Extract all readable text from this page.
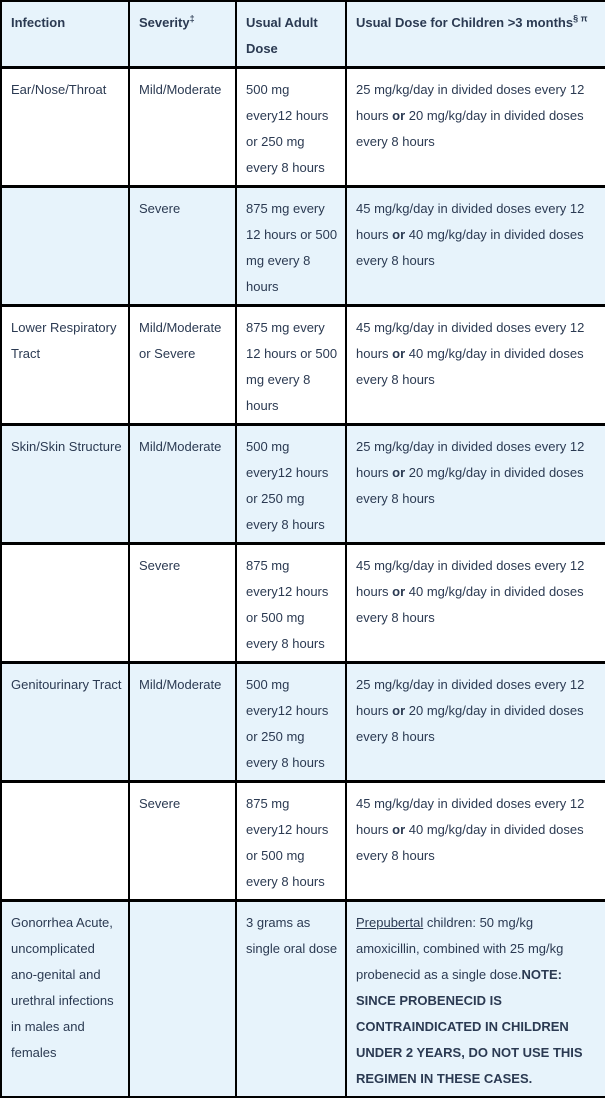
Infection	Severity‡	Usual Adult Dose	Usual Dose for Children >3 months$^{\S \pi}$
Ear/Nose/Throat	Mild/Moderate	500 mg every12 hours or 250 mg every 8 hours	25 mg/kg/day in divided doses every 12 hours or 20 mg/kg/day in divided doses every 8 hours
	Severe	875 mg every 12 hours or 500 mg every 8 hours	45 mg/kg/day in divided doses every 12 hours or 40 mg/kg/day in divided doses every 8 hours
Lower Respiratory Tract	Mild/Moderate or Severe	875 mg every 12 hours or 500 mg every 8 hours	45 mg/kg/day in divided doses every 12 hours or 40 mg/kg/day in divided doses every 8 hours
Skin/Skin Structure	Mild/Moderate	500 mg every12 hours or 250 mg every 8 hours	25 mg/kg/day in divided doses every 12 hours or 20 mg/kg/day in divided doses every 8 hours
	Severe	875 mg every12 hours or 500 mg every 8 hours	45 mg/kg/day in divided doses every 12 hours or 40 mg/kg/day in divided doses every 8 hours
Genitourinary Tract	Mild/Moderate	500 mg every12 hours or 250 mg every 8 hours	25 mg/kg/day in divided doses every 12 hours or 20 mg/kg/day in divided doses every 8 hours
	Severe	875 mg every12 hours or 500 mg every 8 hours	45 mg/kg/day in divided doses every 12 hours or 40 mg/kg/day in divided doses every 8 hours
Gonorrhea Acute, uncomplicated ano-genital and urethral infections in males and females		3 grams as single oral dose	Prepubertal children: 50 mg/kg amoxicillin, combined with 25 mg/kg probenecid as a single dose.NOTE: SINCE PROBENECID IS CONTRAINDICATED IN CHILDREN UNDER 2 YEARS, DO NOT USE THIS REGIMEN IN THESE CASES.
